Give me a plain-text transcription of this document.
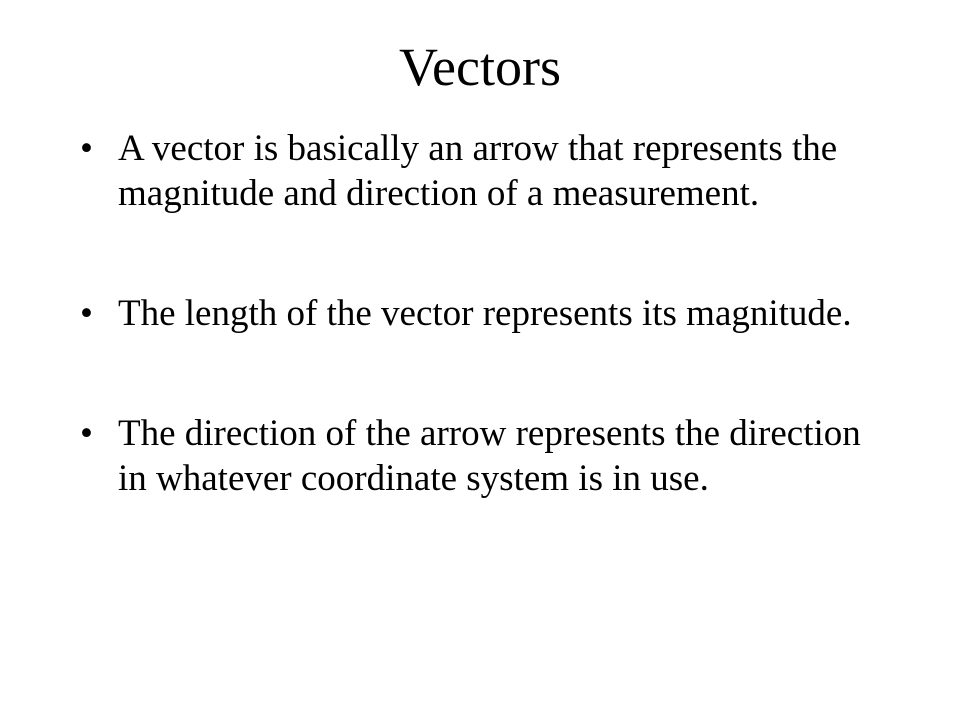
Vectors
• A vector is basically an arrow that represents the magnitude and direction of a measurement.
• The length of the vector represents its magnitude.
• The direction of the arrow represents the direction in whatever coordinate system is in use.
